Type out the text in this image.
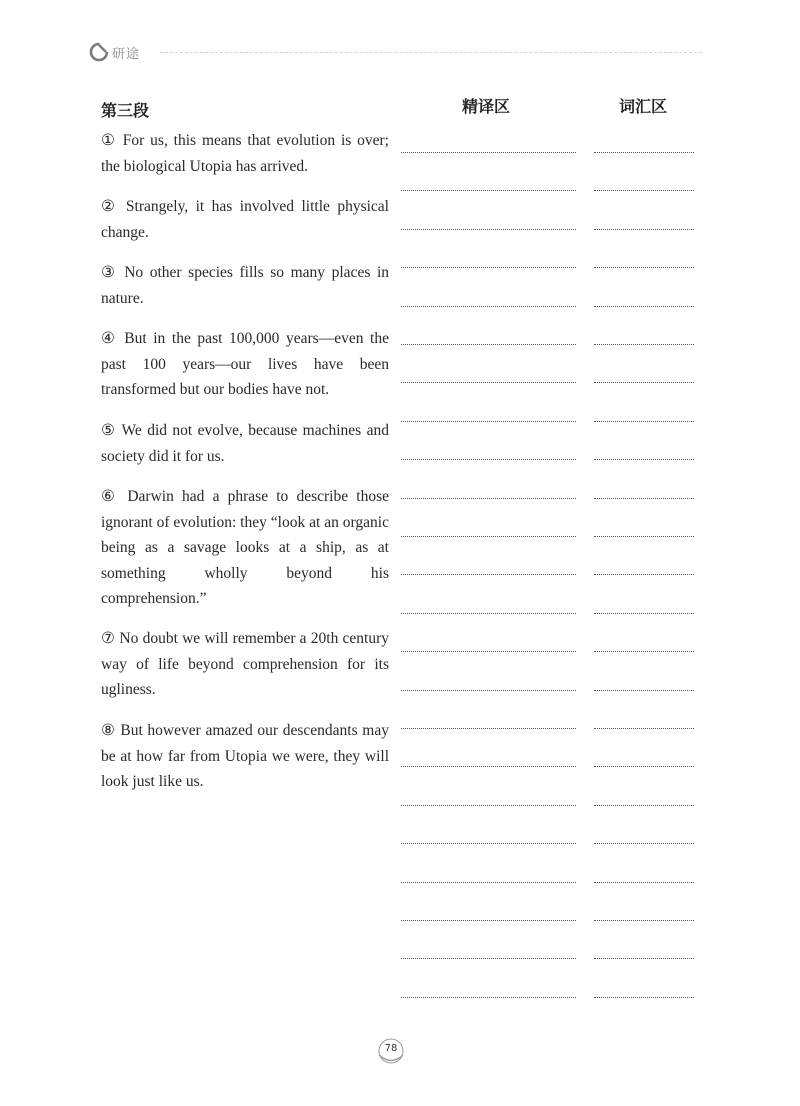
研途
第三段	精译区	词汇区

① For us, this means that evolution is over; the biological Utopia has arrived.

② Strangely, it has involved little physical change.

③ No other species fills so many places in nature.

④ But in the past 100,000 years—even the past 100 years—our lives have been transformed but our bodies have not.

⑤ We did not evolve, because machines and society did it for us.

⑥ Darwin had a phrase to describe those ignorant of evolution: they “look at an organic being as a savage looks at a ship, as at something wholly beyond his comprehension.”

⑦ No doubt we will remember a 20th century way of life beyond comprehension for its ugliness.

⑧ But however amazed our descendants may be at how far from Utopia we were, they will look just like us.

78
